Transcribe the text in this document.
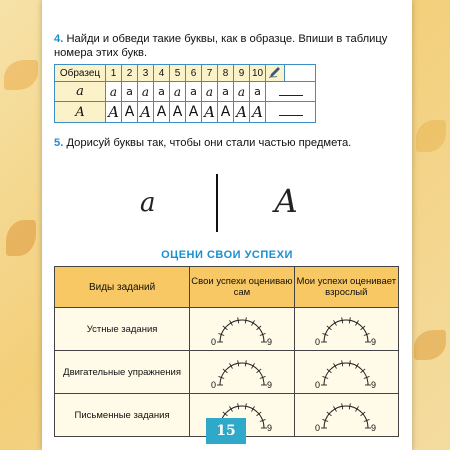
4. Найди и обведи такие буквы, как в образце. Впиши в таблицу номера этих букв.
Образец	1	2	3	4	5	6	7	8	9	10		
а	а	а	а	а	а	а	а	а	а	а		
А	А	А	А	А	А	А	А	А	А	А		
5. Дорисуй буквы так, чтобы они стали частью предмета.
а	А
ОЦЕНИ СВОИ УСПЕХИ
Виды заданий	Свои успехи оцениваю сам	Мои успехи оценивает взрослый
Устные задания	0 9	0 9

Двигательные упражнения	0 9	0 9

Письменные задания	9	0 9
15
